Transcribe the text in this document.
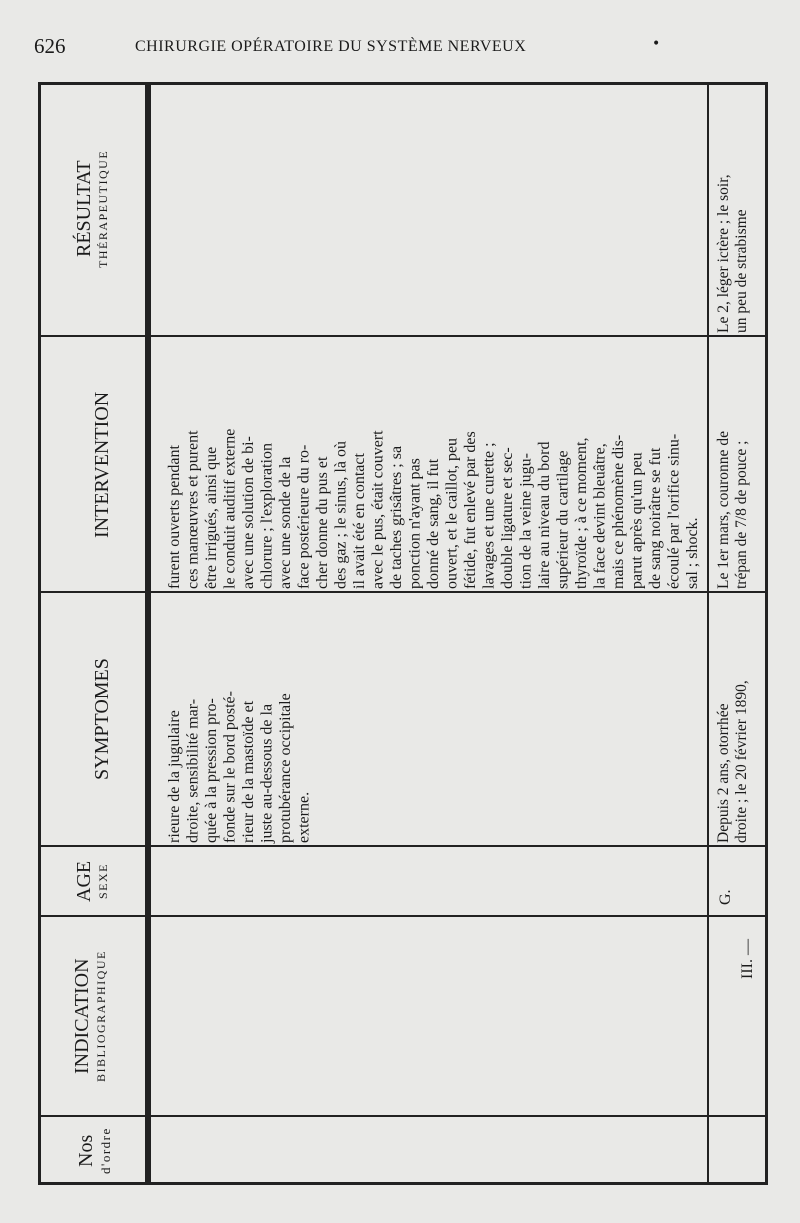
626	CHIRURGIE OPÉRATOIRE DU SYSTÈME NERVEUX	•
Nos d'ordre
INDICATION BIBLIOGRAPHIQUE
AGE SEXE
SYMPTOMES
INTERVENTION
RÉSULTAT THÉRAPEUTIQUE
rieure de la jugulaire
droite, sensibilité mar-
quée à la pression pro-
fonde sur le bord posté-
rieur de la mastoïde et
juste au-dessous de la
protubérance occipitale
externe.
furent ouverts pendant
ces manœuvres et purent
être irrigués, ainsi que
le conduit auditif externe
avec une solution de bi-
chlorure ; l'exploration
avec une sonde de la
face postérieure du ro-
cher donne du pus et
des gaz ; le sinus, là où
il avait été en contact
avec le pus, était couvert
de taches grisâtres ; sa
ponction n'ayant pas
donné de sang, il fut
ouvert, et le caillot, peu
fétide, fut enlevé par des
lavages et une curette ;
double ligature et sec-
tion de la veine jugu-
laire au niveau du bord
supérieur du cartilage
thyroïde ; à ce moment,
la face devint bleuâtre,
mais ce phénomène dis-
parut après qu'un peu
de sang noirâtre se fut
écoulé par l'orifice sinu-
sal ; shock.
III. —
G.
Depuis 2 ans, otorrhée
droite ; le 20 février 1890,
Le 1er mars, couronne de
trépan de 7/8 de pouce ;
Le 2, léger ictère ; le soir,
un peu de strabisme
